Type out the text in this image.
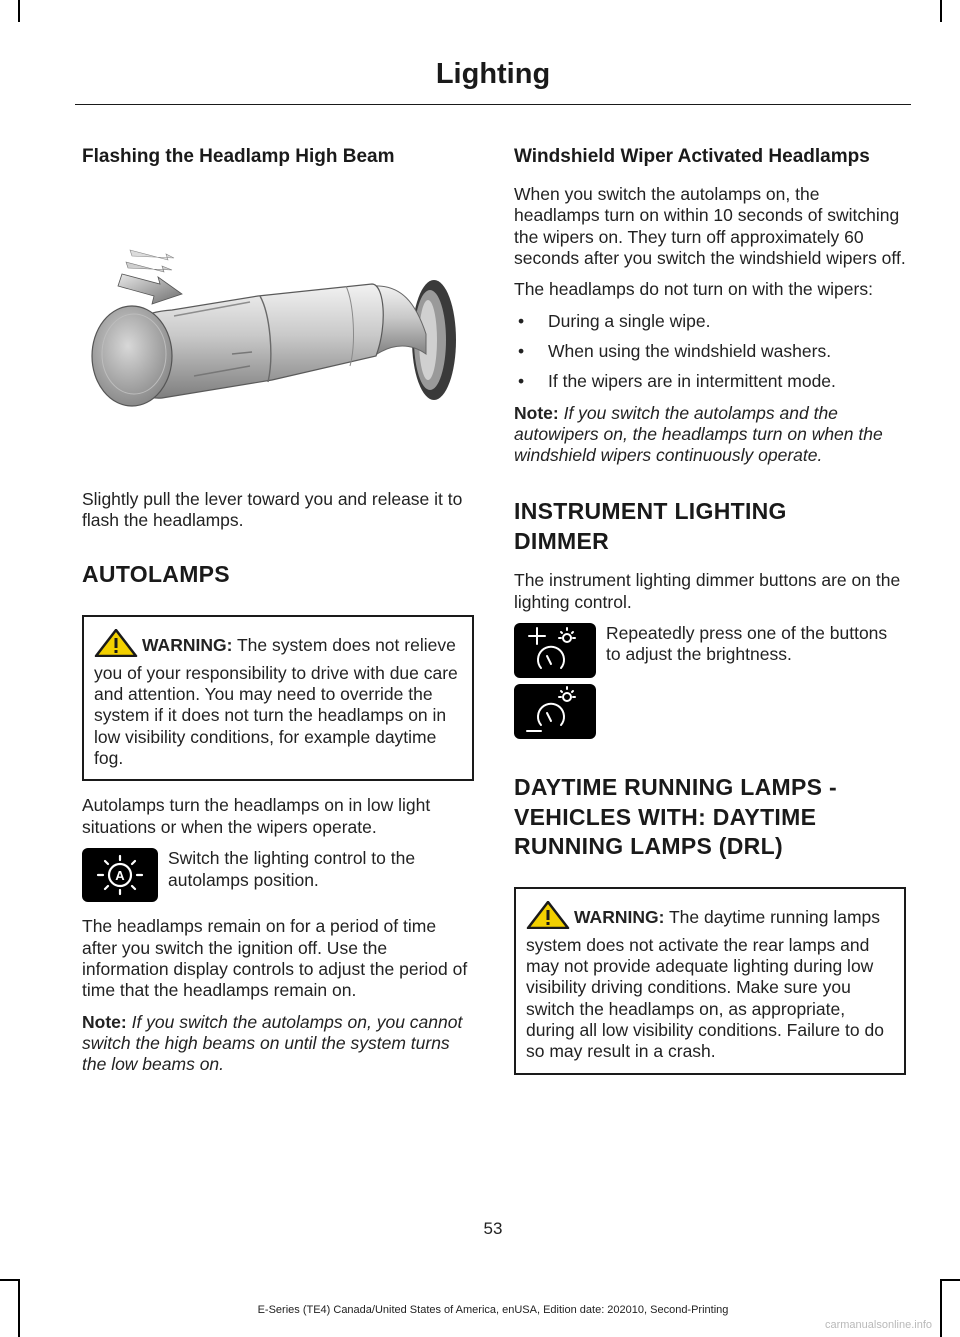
Lighting
Flashing the Headlamp High Beam

Slightly pull the lever toward you and release it to flash the headlamps.

AUTOLAMPS
WARNING: The system does not relieve you of your responsibility to drive with due care and attention. You may need to override the system if it does not turn the headlamps on in low visibility conditions, for example daytime fog.

Autolamps turn the headlamps on in low light situations or when the wipers operate.

A

Switch the lighting control to the autolamps position.

The headlamps remain on for a period of time after you switch the ignition off. Use the information display controls to adjust the period of time that the headlamps remain on.

Note: If you switch the autolamps on, you cannot switch the high beams on until the system turns the low beams on.

Windshield Wiper Activated Headlamps

When you switch the autolamps on, the headlamps turn on within 10 seconds of switching the wipers on. They turn off approximately 60 seconds after you switch the windshield wipers off.

The headlamps do not turn on with the wipers:

• During a single wipe.
• When using the windshield washers.
• If the wipers are in intermittent mode.

Note: If you switch the autolamps and the autowipers on, the headlamps turn on when the windshield wipers continuously operate.

INSTRUMENT LIGHTING
DIMMER

The instrument lighting dimmer buttons are on the lighting control.

Repeatedly press one of the buttons to adjust the brightness.

DAYTIME RUNNING LAMPS -
VEHICLES WITH: DAYTIME
RUNNING LAMPS (DRL)
WARNING: The daytime running lamps system does not activate the rear lamps and may not provide adequate lighting during low visibility driving conditions. Make sure you switch the headlamps on, as appropriate, during all low visibility conditions. Failure to do so may result in a crash.
53
E-Series (TE4) Canada/United States of America, enUSA, Edition date: 202010, Second-Printing
carmanualsonline.info
